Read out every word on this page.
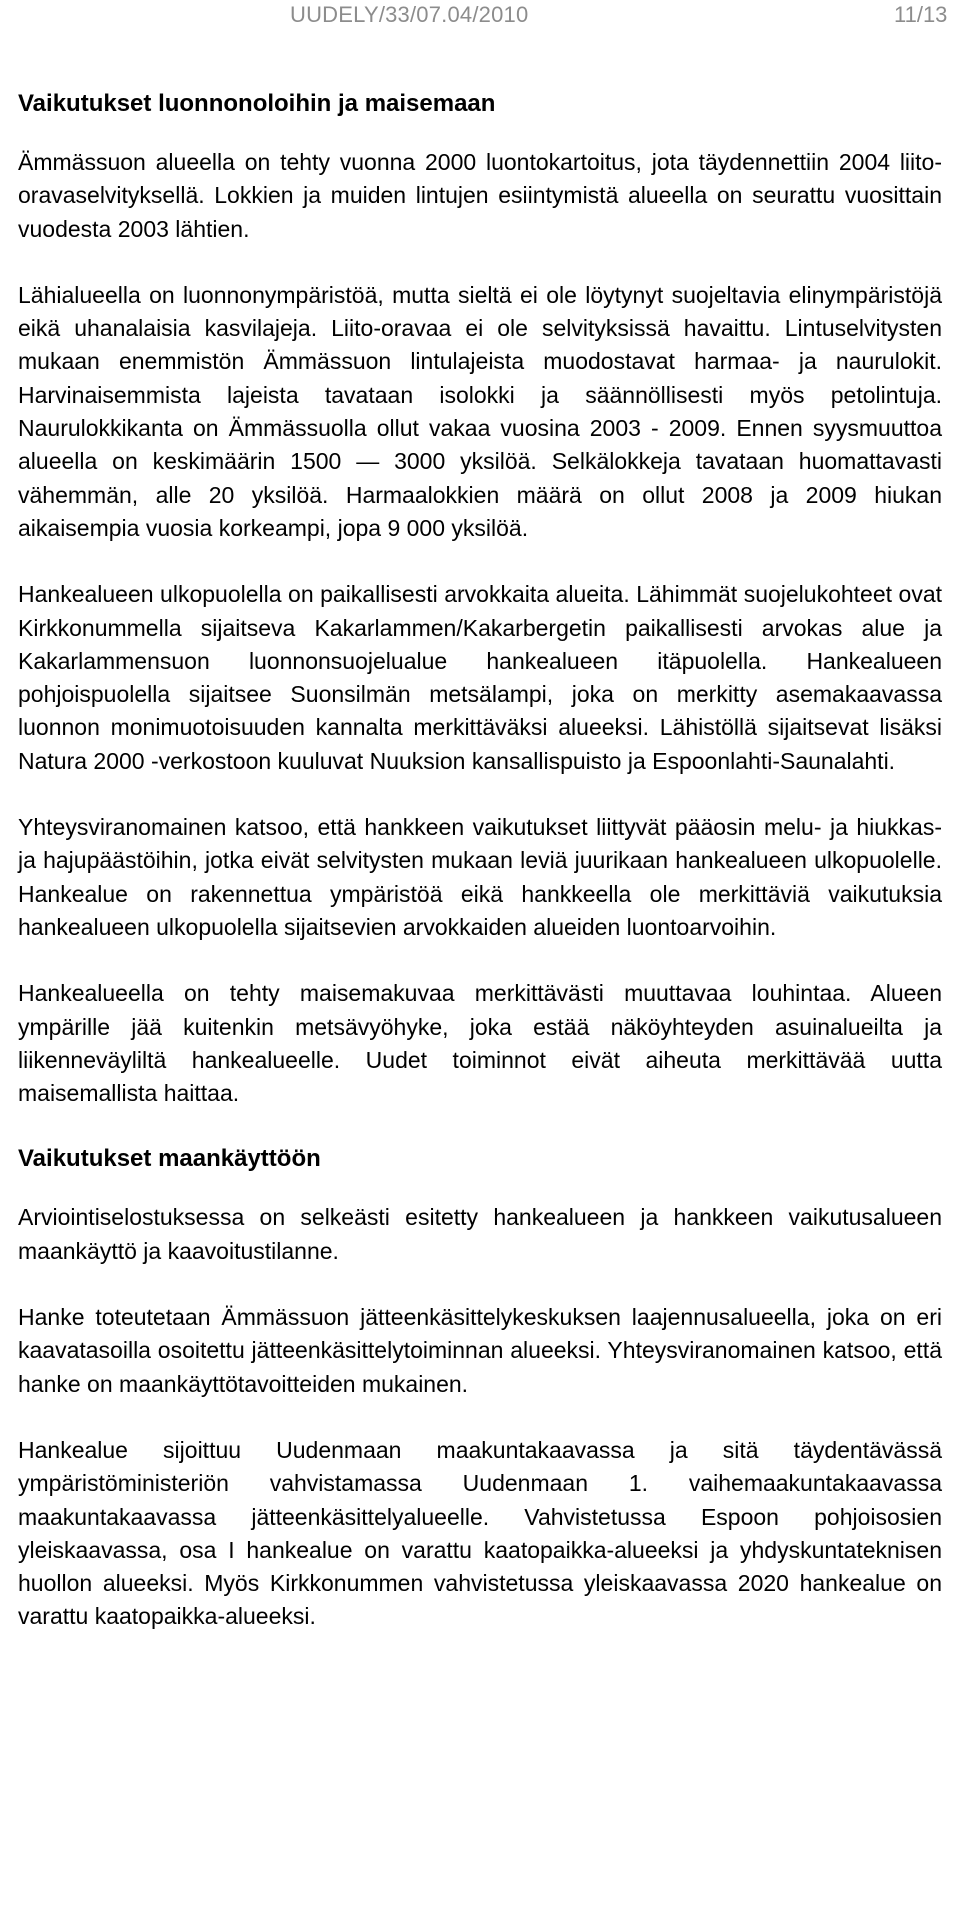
UUDELY/33/07.04/2010	11/13
Vaikutukset luonnonoloihin ja maisemaan

Ämmässuon alueella on tehty vuonna 2000 luontokartoitus, jota täydennettiin 2004 liito-oravaselvityksellä. Lokkien ja muiden lintujen esiintymistä alueella on seurattu vuosittain vuodesta 2003 lähtien.

Lähialueella on luonnonympäristöä, mutta sieltä ei ole löytynyt suojeltavia elinympäristöjä eikä uhanalaisia kasvilajeja. Liito-oravaa ei ole selvityksissä havaittu. Lintuselvitysten mukaan enemmistön Ämmässuon lintulajeista muodostavat harmaa- ja naurulokit. Harvinaisemmista lajeista tavataan isolokki ja säännöllisesti myös petolintuja. Naurulokkikanta on Ämmässuolla ollut vakaa vuosina 2003 - 2009. Ennen syysmuuttoa alueella on keskimäärin 1500 — 3000 yksilöä. Selkälokkeja tavataan huomattavasti vähemmän, alle 20 yksilöä. Harmaalokkien määrä on ollut 2008 ja 2009 hiukan aikaisempia vuosia korkeampi, jopa 9 000 yksilöä.

Hankealueen ulkopuolella on paikallisesti arvokkaita alueita. Lähimmät suojelukohteet ovat Kirkkonummella sijaitseva Kakarlammen/Kakarbergetin paikallisesti arvokas alue ja Kakarlammensuon luonnonsuojelualue hankealueen itäpuolella. Hankealueen pohjoispuolella sijaitsee Suonsilmän metsälampi, joka on merkitty asemakaavassa luonnon monimuotoisuuden kannalta merkittäväksi alueeksi. Lähistöllä sijaitsevat lisäksi Natura 2000 -verkostoon kuuluvat Nuuksion kansallispuisto ja Espoonlahti-Saunalahti.

Yhteysviranomainen katsoo, että hankkeen vaikutukset liittyvät pääosin melu- ja hiukkas- ja hajupäästöihin, jotka eivät selvitysten mukaan leviä juurikaan hankealueen ulkopuolelle. Hankealue on rakennettua ympäristöä eikä hankkeella ole merkittäviä vaikutuksia hankealueen ulkopuolella sijaitsevien arvokkaiden alueiden luontoarvoihin.

Hankealueella on tehty maisemakuvaa merkittävästi muuttavaa louhintaa. Alueen ympärille jää kuitenkin metsävyöhyke, joka estää näköyhteyden asuinalueilta ja liikenneväyliltä hankealueelle. Uudet toiminnot eivät aiheuta merkittävää uutta maisemallista haittaa.

Vaikutukset maankäyttöön

Arviointiselostuksessa on selkeästi esitetty hankealueen ja hankkeen vaikutusalueen maankäyttö ja kaavoitustilanne.

Hanke toteutetaan Ämmässuon jätteenkäsittelykeskuksen laajennusalueella, joka on eri kaavatasoilla osoitettu jätteenkäsittelytoiminnan alueeksi. Yhteysviranomainen katsoo, että hanke on maankäyttötavoitteiden mukainen.

Hankealue sijoittuu Uudenmaan maakuntakaavassa ja sitä täydentävässä ympäristöministeriön vahvistamassa Uudenmaan 1. vaihemaakuntakaavassa maakuntakaavassa jätteenkäsittelyalueelle. Vahvistetussa Espoon pohjoisosien yleiskaavassa, osa I hankealue on varattu kaatopaikka-alueeksi ja yhdyskuntateknisen huollon alueeksi. Myös Kirkkonummen vahvistetussa yleiskaavassa 2020 hankealue on varattu kaatopaikka-alueeksi.
